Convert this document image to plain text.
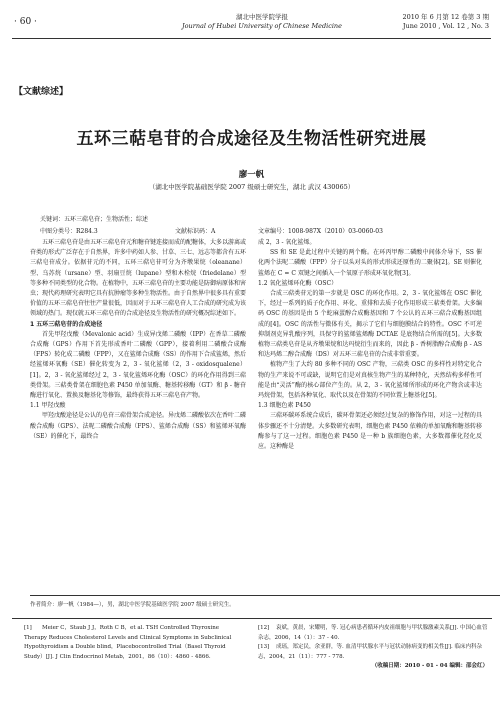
· 60 ·	湖北中医学院学报
Journal of Hubei University of Chinese Medicine
2010 年 6 月第 12 卷第 3 期
June 2010 , Vol. 12 , No. 3
【文献综述】
五环三萜皂苷的合成途径及生物活性研究进展
廖一帆
（湖北中医学院基础医学院 2007 级硕士研究生，湖北 武汉 430065）
关键词：五环三萜皂苷；生物活性；综述
中图分类号：R284.3	文献标识码：A	文章编号：1008-987X（2010）03-0060-03

五环三萜皂苷是由五环三萜皂苷元和糖苷键连接而成的配糖体，大多以游离或苷类的形式广泛存在于自然界，许多中药如人参、甘草、三七、远志等都含有五环三萜皂苷成分。依据苷元的不同，五环三萜皂苷可分为齐墩果烷（oleanane）型、乌苏烷（ursane）型、羽扇豆烷（lupane）型和木栓烷（friedelane）型等多种不同类型的化合物。在植物中，五环三萜皂苷的主要功能是防御病原体和害虫；现代药理研究表明它具有抗肿瘤等多种生物活性。由于自然界中很多具有重要价值的五环三萜皂苷往往产量很低，因而对于五环三萜皂苷人工合成的研究成为该领域的热门。现仅就五环三萜皂苷的合成途径及生物活性的研究概况综述如下。

1 五环三萜皂苷的合成途径

首先甲羟戊酸（Mevalonic acid）生成异戊烯二磷酸（IPP）在香草二磷酸合成酶（GPS）作用下首先形成香叶二磷酸（GPP），接着利用二磷酸合成酶（FPS）转化成二磷酸（FPP），又在鲨烯合成酶（SS）的作用下合成鲨烯，然后经鲨烯环氧酶（SE）催化转变为 2，3 - 氧化鲨烯（2，3 - oxidosqualene）[1]。2，3 - 氧化鲨烯经过 2，3 - 氧化鲨烯环化酶（OSC）的环化作用得到三萜类骨架。三萜类骨架在细胞色素 P450 单加氧酶、糖基转移酶（GT）和 β - 糖苷酶进行氧化、置换及糖基化等修饰，最终获得五环三萜皂苷产物。

1.1 甲羟戊酸

甲羟戊酸途径是公认的皂苷三萜骨架合成途径。异戊烯二磷酸依次在香叶二磷酸合成酶（GPS）、法呢二磷酸合成酶（FPS）、鲨烯合成酶（SS）和鲨烯环氧酶（SE）的催化下，最终合

成 2，3 - 氧化鲨烯。

SS 和 SE 是此过程中关键的两个酶。在环丙甲醇二磷酸中间体介导下，SS 催化两个法呢二磷酸（FPP）分子以头对头的形式形成还原性的二聚体[2]。SE 则催化鲨烯在 C = C 双键之间插入一个氧原子形成环氧化物[3]。

1.2 氧化鲨烯环化酶（OSC）

合成三萜类苷元的第一步就是 OSC 的环化作用。2，3 - 氧化鲨烯在 OSC 催化下，经过一系列的质子化作用、环化、重排和去质子化作用形成三萜类骨架。大多编码 OSC 的基因是由 5 个蛇麻蛋醇合成酶基因和 7 个公认的五环三萜合成酶基因组成的[4]。OSC 的活性与微体有关，揭示了它们与细胞膜结合的特性。OSC 不可逆抑制剂克异乳酸序列，具保守的鲨烯鲨烯酶 DCTAE 是底物结合所需的[5]。大多数植物三萜类皂苷是从齐墩果烷和达玛烷衍生而来的，因此 β - 香树脂醇合成酶 β - AS 和达玛烯二醇合成酶（DS）对五环三萜皂苷的合成非常重要。

植物产生了大约 80 多种不同的 OSC 产物，三萜类 OSC 的多样性对特定化合物的生产来说不可或缺，说明它们是对真核生物产生的某种特化，天然结构多样性可能是由“灵活”酶的核心部位产生的。从 2，3 - 氧化鲨烯所形成的环化产物含或非达玛烷骨架，包括各种氧化、取代以及在骨架的不同位置上糖基化[5]。

1.3 细胞色素 P450

三萜环碳环系统合成后，碳环骨架还必须经过复杂的修饰作用，对这一过程的具体步骤还不十分清楚。大多数研究表明，细胞色素 P450 依赖的单加氧酶和糖基转移酶参与了这一过程。细胞色素 P450 是一种 b 族细胞色素，大多数都催化羟化反应。这种酶是

作者简介：廖一帆（1984—），男，湖北中医学院基础医学院 2007 级硕士研究生。
[1] Meier C，Staub J J，Roth C B，et al. TSH Controlled Thyroxine Therapy Reduces Cholesterol Levels and Clinical Symptoms in Subclinical Hypothyroidism a Double blind，Placebocontrolled Trial（Basel Thyroid Study）[J]. J Clin Endocrinol Metab，2001，86（10）：4860 - 4866.
[12] 袁斌，黄晨，宋耀明，等. 冠心病患者循环内皮祖细胞与甲状腺激素关系[J]. 中国心血管杂志，2006，14（1）：37 - 40.
[13] 成瑶，郑定民，余亚群，等. 血清甲状腺水平与冠状动脉病变的相关性[J]. 临床内科杂志，2004，21（11）：777 - 778.
（收稿日期：2010 - 01 - 04 编辑：邵会红）
